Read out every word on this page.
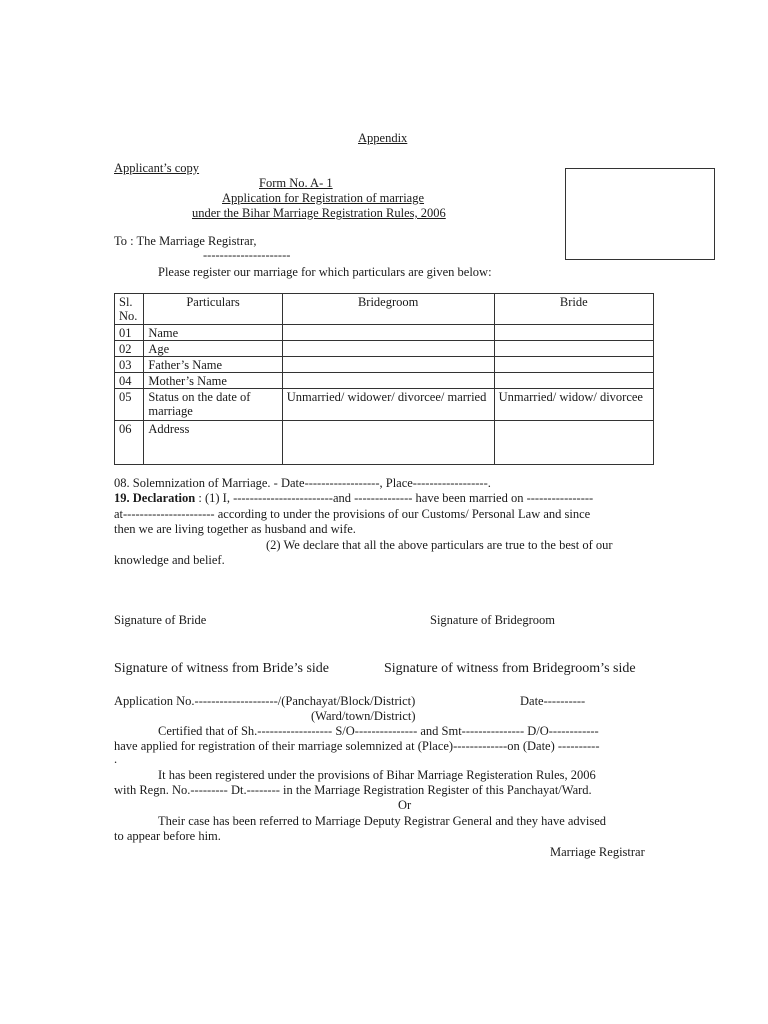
Appendix
Applicant’s copy
Form No. A- 1
Application for Registration of marriage
under the Bihar Marriage Registration Rules, 2006
To : The Marriage Registrar,
---------------------
Please register our marriage for which particulars are given below:
Sl. No.	Particulars	Bridegroom	Bride
01	Name		
02	Age		
03	Father’s Name		
04	Mother’s Name		
05	Status on the date of marriage	Unmarried/ widower/ divorcee/ married	Unmarried/ widow/ divorcee
06	Address		
08. Solemnization of Marriage. - Date------------------, Place------------------.
19. Declaration : (1) I, ------------------------and -------------- have been married on ----------------
at---------------------- according to under the provisions of our Customs/ Personal Law and since
then we are living together as husband and wife.
(2) We declare that all the above particulars are true to the best of our
knowledge and belief.
Signature of Bride	Signature of Bridegroom
Signature of witness from Bride’s side	Signature of witness from Bridegroom’s side
Application No.--------------------/(Panchayat/Block/District)	Date----------
(Ward/town/District)
Certified that of Sh.------------------ S/O--------------- and Smt--------------- D/O------------
have applied for registration of their marriage solemnized at (Place)-------------on (Date) ----------
.
It has been registered under the provisions of Bihar Marriage Registeration Rules, 2006
with Regn. No.--------- Dt.-------- in the Marriage Registration Register of this Panchayat/Ward.
Or
Their case has been referred to Marriage Deputy Registrar General and they have advised
to appear before him.
Marriage Registrar
